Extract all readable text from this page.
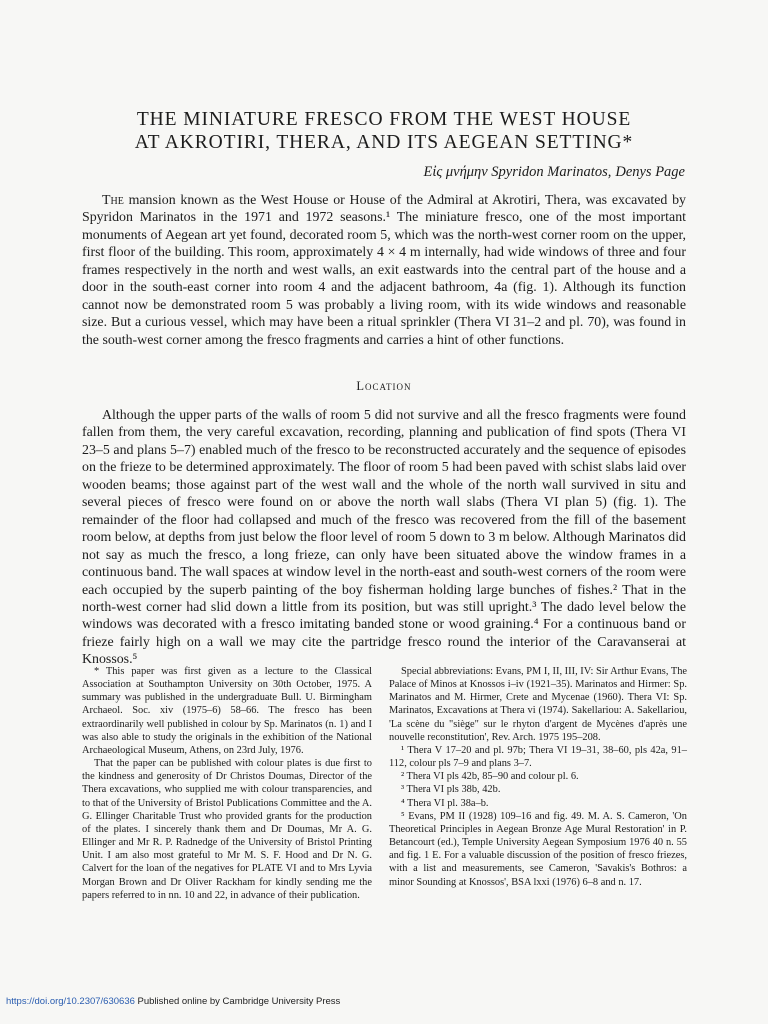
THE MINIATURE FRESCO FROM THE WEST HOUSE
AT AKROTIRI, THERA, AND ITS AEGEAN SETTING*

Εἰς μνήμην Spyridon Marinatos, Denys Page

The mansion known as the West House or House of the Admiral at Akrotiri, Thera, was excavated by Spyridon Marinatos in the 1971 and 1972 seasons.¹ The miniature fresco, one of the most important monuments of Aegean art yet found, decorated room 5, which was the north-west corner room on the upper, first floor of the building. This room, approximately 4 × 4 m internally, had wide windows of three and four frames respectively in the north and west walls, an exit eastwards into the central part of the house and a door in the south-east corner into room 4 and the adjacent bathroom, 4a (fig. 1). Although its function cannot now be demonstrated room 5 was probably a living room, with its wide windows and reasonable size. But a curious vessel, which may have been a ritual sprinkler (Thera VI 31–2 and pl. 70), was found in the south-west corner among the fresco fragments and carries a hint of other functions.

Location

Although the upper parts of the walls of room 5 did not survive and all the fresco fragments were found fallen from them, the very careful excavation, recording, planning and publication of find spots (Thera VI 23–5 and plans 5–7) enabled much of the fresco to be reconstructed accurately and the sequence of episodes on the frieze to be determined approximately. The floor of room 5 had been paved with schist slabs laid over wooden beams; those against part of the west wall and the whole of the north wall survived in situ and several pieces of fresco were found on or above the north wall slabs (Thera VI plan 5) (fig. 1). The remainder of the floor had collapsed and much of the fresco was recovered from the fill of the basement room below, at depths from just below the floor level of room 5 down to 3 m below. Although Marinatos did not say as much the fresco, a long frieze, can only have been situated above the window frames in a continuous band. The wall spaces at window level in the north-east and south-west corners of the room were each occupied by the superb painting of the boy fisherman holding large bunches of fishes.² That in the north-west corner had slid down a little from its position, but was still upright.³ The dado level below the windows was decorated with a fresco imitating banded stone or wood graining.⁴ For a continuous band or frieze fairly high on a wall we may cite the partridge fresco round the interior of the Caravanserai at Knossos.⁵

* This paper was first given as a lecture to the Classical Association at Southampton University on 30th October, 1975. A summary was published in the undergraduate Bull. U. Birmingham Archaeol. Soc. xiv (1975–6) 58–66. The fresco has been extraordinarily well published in colour by Sp. Marinatos (n. 1) and I was also able to study the originals in the exhibition of the National Archaeological Museum, Athens, on 23rd July, 1976.

That the paper can be published with colour plates is due first to the kindness and generosity of Dr Christos Doumas, Director of the Thera excavations, who supplied me with colour transparencies, and to that of the University of Bristol Publications Committee and the A. G. Ellinger Charitable Trust who provided grants for the production of the plates. I sincerely thank them and Dr Doumas, Mr A. G. Ellinger and Mr R. P. Radnedge of the University of Bristol Printing Unit. I am also most grateful to Mr M. S. F. Hood and Dr N. G. Calvert for the loan of the negatives for PLATE VI and to Mrs Lyvia Morgan Brown and Dr Oliver Rackham for kindly sending me the papers referred to in nn. 10 and 22, in advance of their publication.

Special abbreviations: Evans, PM I, II, III, IV: Sir Arthur Evans, The Palace of Minos at Knossos i–iv (1921–35). Marinatos and Hirmer: Sp. Marinatos and M. Hirmer, Crete and Mycenae (1960). Thera VI: Sp. Marinatos, Excavations at Thera vi (1974). Sakellariou: A. Sakellariou, 'La scène du "siège" sur le rhyton d'argent de Mycènes d'après une nouvelle reconstitution', Rev. Arch. 1975 195–208.

¹ Thera V 17–20 and pl. 97b; Thera VI 19–31, 38–60, pls 42a, 91–112, colour pls 7–9 and plans 3–7.

² Thera VI pls 42b, 85–90 and colour pl. 6.

³ Thera VI pls 38b, 42b.

⁴ Thera VI pl. 38a–b.

⁵ Evans, PM II (1928) 109–16 and fig. 49. M. A. S. Cameron, 'On Theoretical Principles in Aegean Bronze Age Mural Restoration' in P. Betancourt (ed.), Temple University Aegean Symposium 1976 40 n. 55 and fig. 1 E. For a valuable discussion of the position of fresco friezes, with a list and measurements, see Cameron, 'Savakis's Bothros: a minor Sounding at Knossos', BSA lxxi (1976) 6–8 and n. 17.

https://doi.org/10.2307/630636 Published online by Cambridge University Press
